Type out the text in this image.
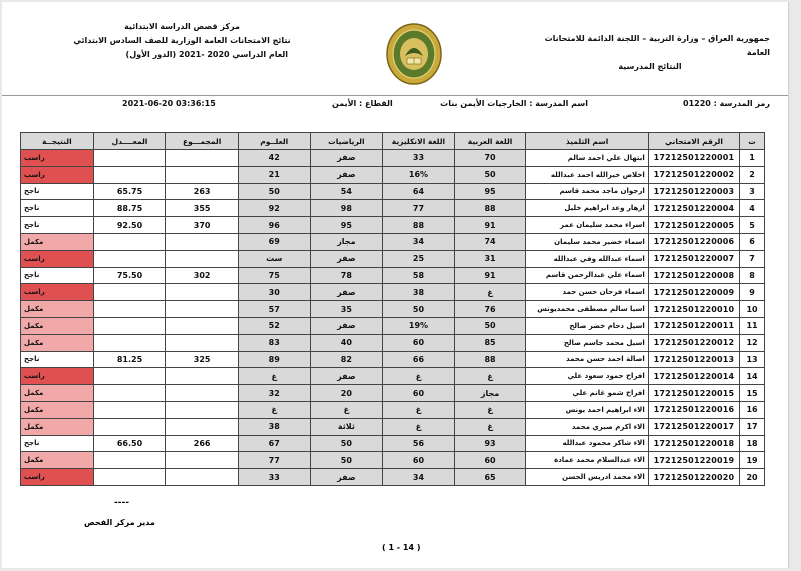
جمهورية العراق – وزارة التربية – اللجنة الدائمة للامتحانات العامة
النتائج المدرسية
مركز قصص الدراسة الابتدائية
نتائج الامتحانات العامة الوزارية للصف السادس الابتدائي
العام الدراسي 2020 -2021 (الدور الأول)
رمز المدرسة : 01220
اسم المدرسة : الخارجيات الأيمن بنات
القطاع : الأيمن
2021-06-20 03:36:15
ت	الرقم الامتحاني	اسم التلميذ	اللغة العربية	اللغة الانكليزية	الرياضيات	العلــوم	المجمـــوع	المعــــدل	النتيجــة
1	17212501220001	ابتهال علي احمد سالم	70	33	صفر	42			راسب
2	17212501220002	اخلاص خيرالله احمد عبدالله	50	16%	صفر	21			راسب
3	17212501220003	ارجوان ماجد محمد قاسم	95	64	54	50	263	65.75	ناجح
4	17212501220004	ازهار وعد ابراهيم خليل	88	77	98	92	355	88.75	ناجح
5	17212501220005	اسراء محمد سليمان عمر	91	88	95	96	370	92.50	ناجح
6	17212501220006	اسماء خضير محمد سليمان	74	34	مجاز	69			مكمل
7	17212501220007	اسماء عبدالله وفي عبدالله	31	25	صفر	ست			راسب
8	17212501220008	اسماء علي عبدالرحمن قاسم	91	58	78	75	302	75.50	ناجح
9	17212501220009	اسماء فرحان حسن حمد	غ	38	صفر	30			راسب
10	17212501220010	اسيا سالم مصطفى محمديونس	76	50	35	57			مكمل
11	17212501220011	اسيل دحام خضر صالح	50	19%	صفر	52			مكمل
12	17212501220012	اسيل محمد جاسم صالح	85	60	40	83			مكمل
13	17212501220013	اصالة احمد حسن محمد	88	66	82	89	325	81.25	ناجح
14	17212501220014	افراح حمود سعود علي	غ	غ	صفر	غ			راسب
15	17212501220015	افراح شمو غانم علي	مجاز	60	20	32			مكمل
16	17212501220016	الاء ابراهيم احمد يونس	غ	غ	غ	غ			مكمل
17	17212501220017	الاء اكرم صبري محمد	غ	غ	ثلاثة	38			مكمل
18	17212501220018	الاء شاكر محمود عبدالله	93	56	50	67	266	66.50	ناجح
19	17212501220019	الاء عبدالسلام محمد عمادة	60	60	50	77			مكمل
20	17212501220020	الاء محمد ادريس الحسن	65	34	صفر	33			راسب
----
مدير مركز الفحص
( 1 - 14 )
